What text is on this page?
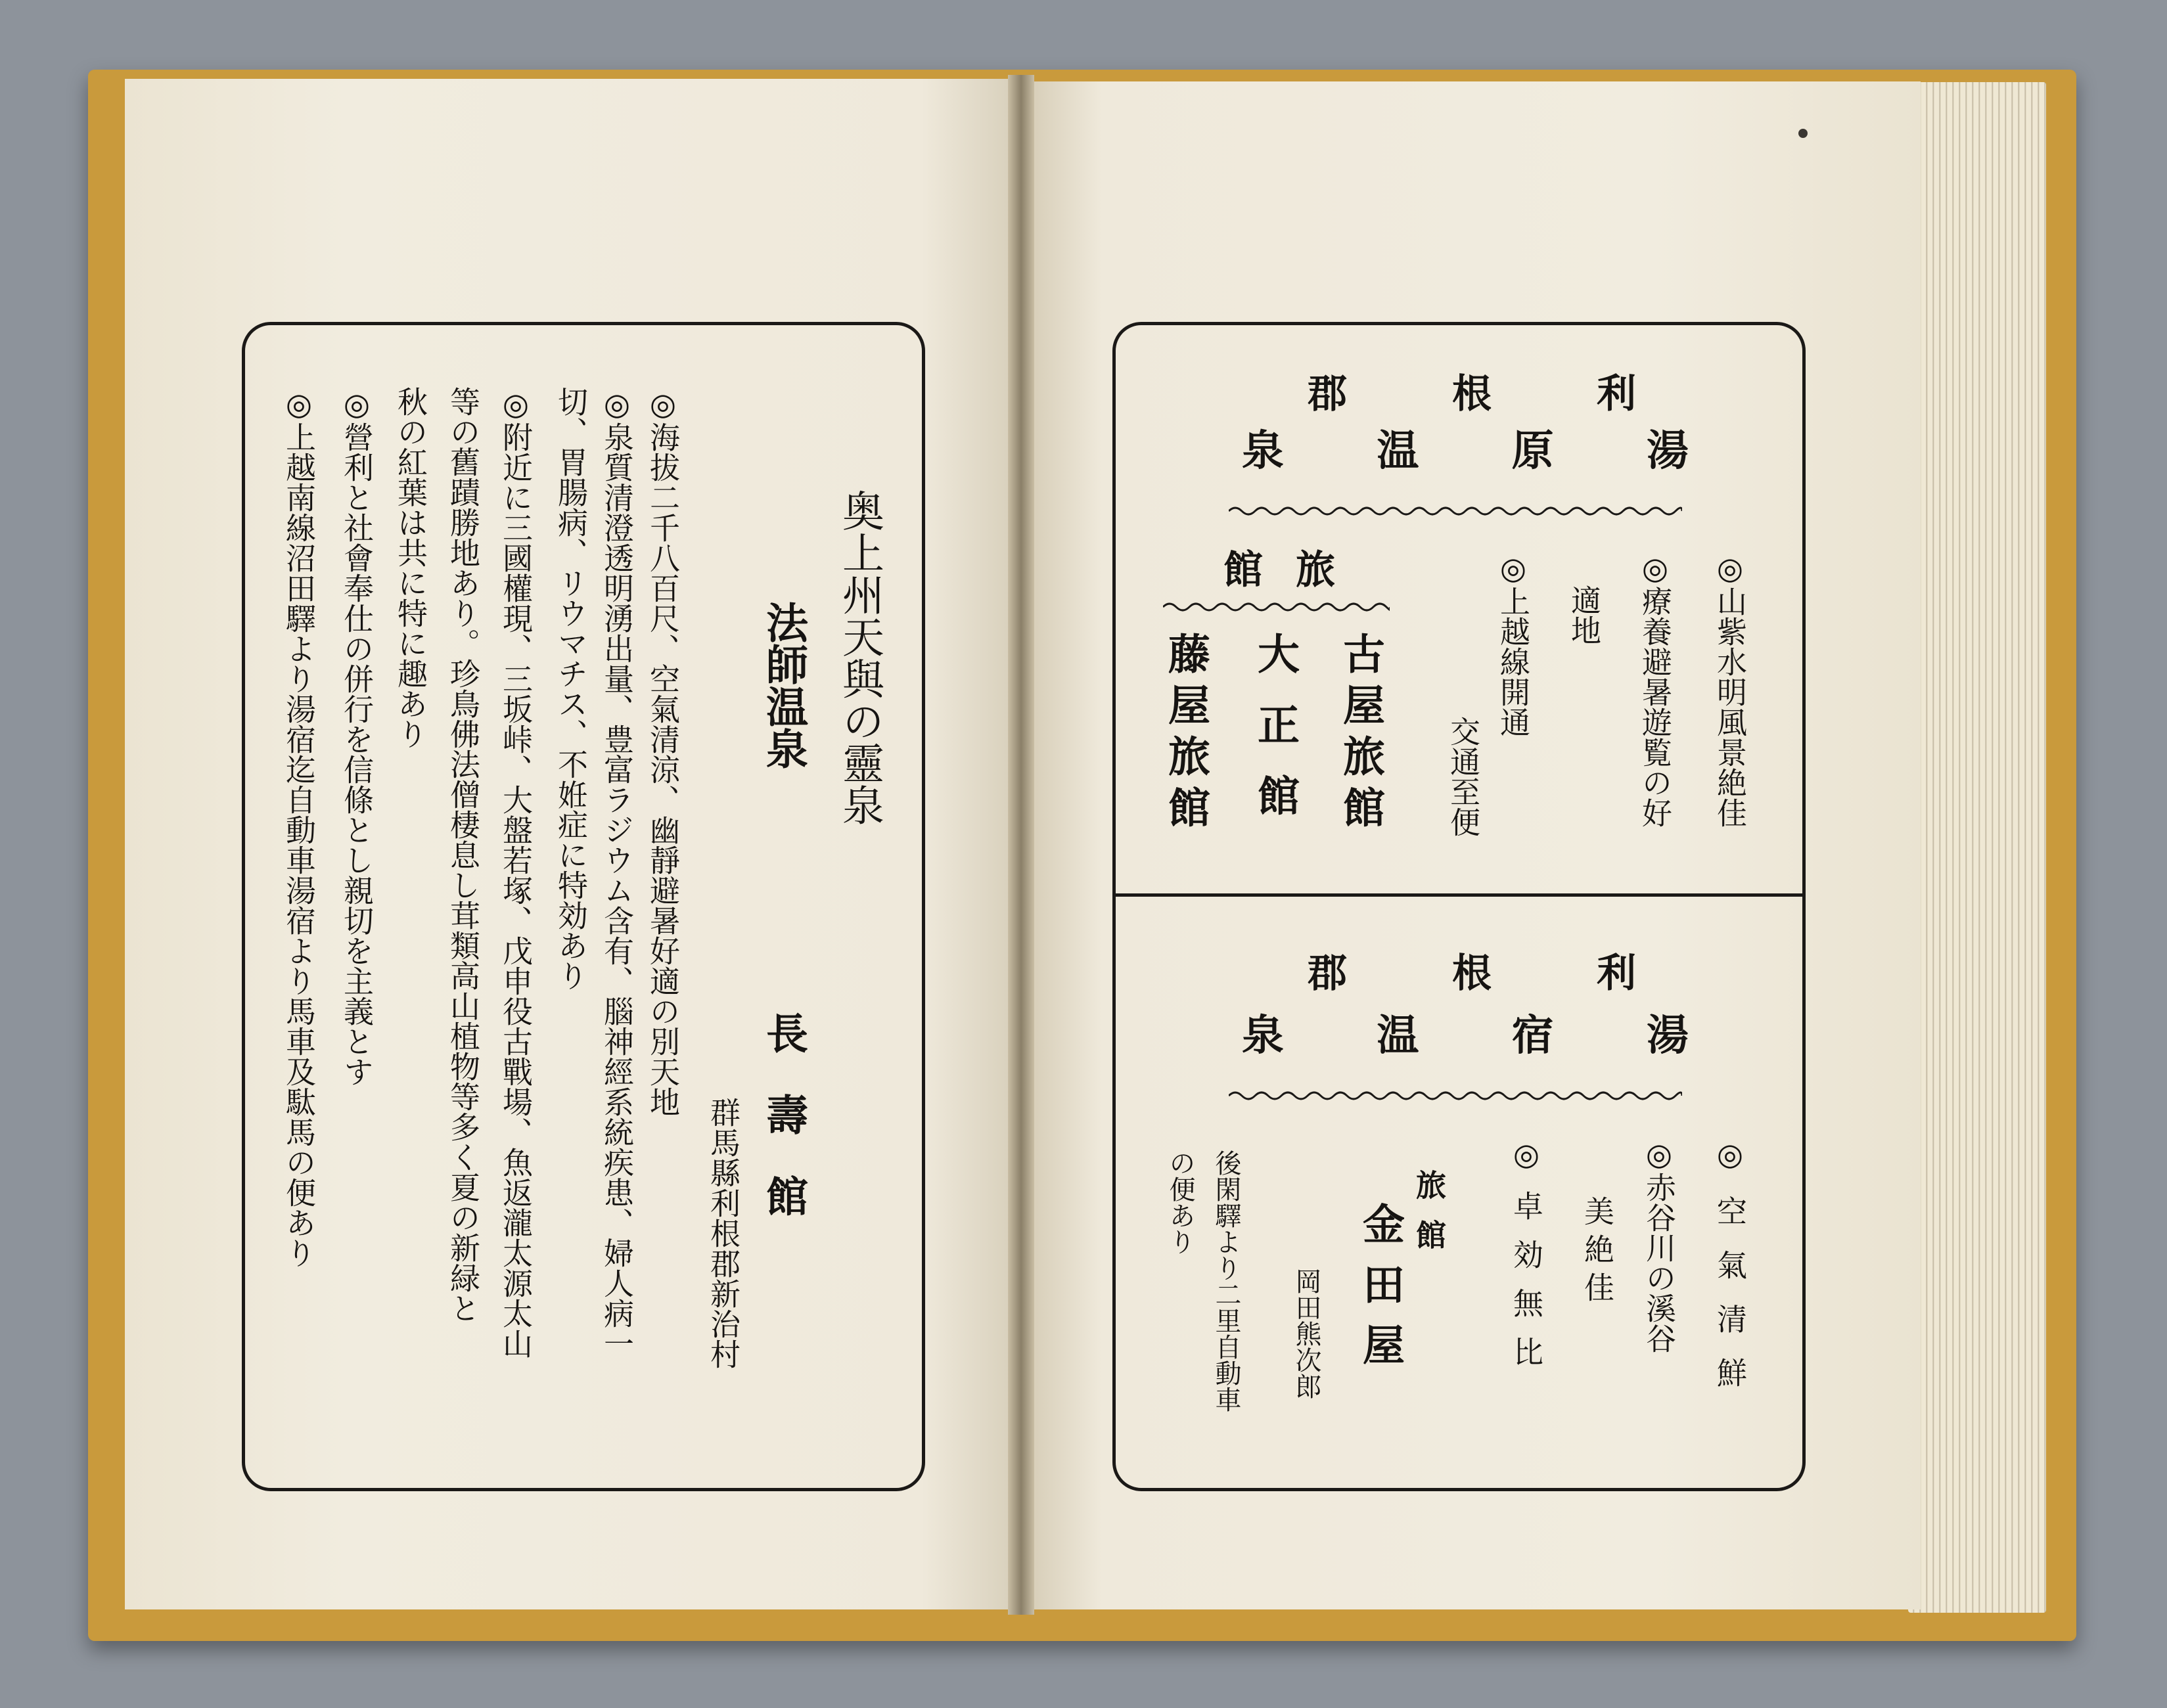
奥上州天與の靈泉
法師温泉
長壽館
群馬縣利根郡新治村
◎海拔二千八百尺、空氣清涼、幽靜避暑好適の別天地
◎泉質清澄透明湧出量、豊富ラジウム含有、腦神經系統疾患、婦人病一
切、胃腸病、リウマチス、不姙症に特効あり
◎附近に三國權現、三坂峠、大盤若塚、戊申役古戰場、魚返瀧太源太山
等の舊蹟勝地あり。珍鳥佛法僧棲息し茸類高山植物等多く夏の新緑と
秋の紅葉は共に特に趣あり
◎營利と社會奉仕の併行を信條とし親切を主義とす
◎上越南線沼田驛より湯宿迄自動車湯宿より馬車及駄馬の便あり	郡	根	利
泉 温 原 湯
◎山紫水明風景絶佳
◎療養避暑遊覧の好
適地
◎上越線開通
交通至便
館 旅
古屋旅館
大正館
藤屋旅館
郡	根	利
泉 温 宿 湯
◎空氣清鮮
◎赤谷川の溪谷
美絶佳
◎卓効無比
旅館
金田屋
岡田熊次郎
後閑驛より二里自動車
の便あり
